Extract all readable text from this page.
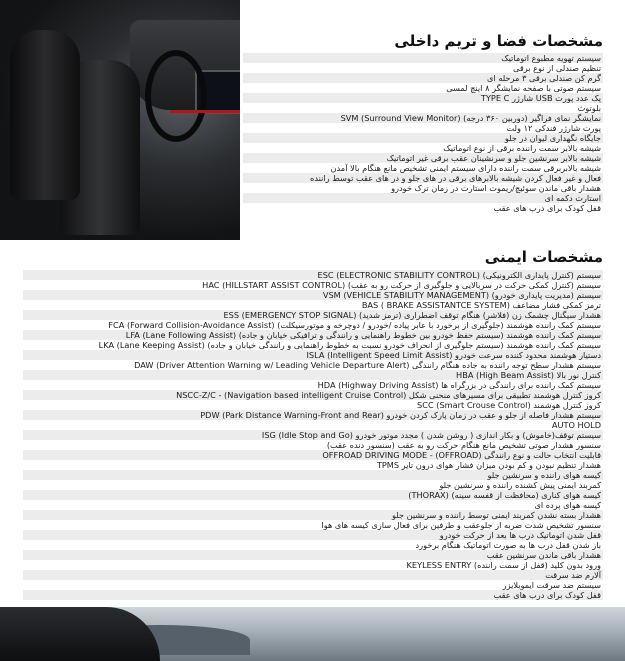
مشخصات فضا و تریم داخلی
سیستم تهویه مطبوع اتوماتیک
تنظیم صندلی از نوع برقی
گرم کن صندلی برقی ۳ مرحله ای
سیستم صوتی با صفحه نمایشگر ۸ اینچ لمسی
پک عدد پورت USB شارژر TYPE C
بلوتوث
نمایشگر نمای فراگیر (دوربین ۳۶۰ درجه) SVM (Surround View Monitor)
پورت شارژر فندکی ۱۲ ولت
جایگاه نگهداری لیوان در جلو
شیشه بالابر سمت راننده برقی از نوع اتوماتیک
شیشه بالابر سرنشین جلو و سرنشینان عقب برقی غیر اتوماتیک
شیشه بالابربرقی سمت راننده دارای سیستم ایمنی تشخیص مانع هنگام بالا آمدن
فعال و غیر فعال کردن شیشه بالابرهای برقی در های جلو و در های عقب توسط راننده
هشدار باقی ماندن سوئیچ/ریموت استارت در زمان ترک خودرو
استارت دکمه ای
قفل کودک برای درب های عقب
مشخصات ایمنی
سیستم (کنترل پایداری الکترونیکی) ESC (ELECTRONIC STABILITY CONTROL)
سیستم (کنترل کمکی حرکت در سربالایی و جلوگیری از حرکت رو به عقب) HAC (HILLSTART ASSIST CONTROL)
سیستم (مدیریت پایداری خودرو) VSM (VEHICLE STABILITY MANAGEMENT)
ترمز کمکی فشار مضاعف BAS ( BRAKE ASSISTANTCE SYSTEM)
هشدار سیگنال چشمک زن (فلاشر) هنگام توقف اضطراری (ترمز شدید) ESS (EMERGENCY STOP SIGNAL)
سیستم کمک راننده هوشمند (جلوگیری از برخورد با عابر پیاده /خودرو / دوچرخه و موتورسیکلت) FCA (Forward Collision-Avoidance Assist)
سیستم کمک راننده هوشمند (سیستم حفظ خودرو بین خطوط راهنمایی و رانندگی و ترافیکی خیابان و جاده) LFA (Lane Following Assist)
سیستم کمک راننده هوشمند (سیستم جلوگیری از انحراف خودرو نسبت به خطوط راهنمایی و رانندگی خیابان و جاده) LKA (Lane Keeping Assist)
دستیار هوشمند محدود کننده سرعت خودرو ISLA (Intelligent Speed Limit Assist)
سیستم هشدار سطح توجه راننده به جاده هنگام رانندگی DAW (Driver Attention Warning w/ Leading Vehicle Departure Alert)
کنترل نور بالا HBA (High Beam Assist)
سیستم کمک راننده برای رانندگی در بزرگراه ها HDA (Highway Driving Assist)
کروز کنترل هوشمند تطبیقی برای مسیرهای منحنی شکل NSCC-Z/C - (Navigation based intelligent Cruise Control)
کروز کنترل هوشمند SCC (Smart Crouse Control)
سیستم هشدار فاصله از جلو و عقب در زمان پارک کردن خودرو PDW (Park Distance Warning-Front and Rear)
AUTO HOLD
سیستم توقف(خاموش) و بکار اندازی ( روشن شدن ) مجدد موتور خودرو ISG (Idle Stop and Go)
سنسور هشدار صوتی تشخیص مانع هنگام حرکت رو به عقب (سنسور دنده عقب)
قابلیت انتخاب حالت و نوع رانندگی OFFROAD DRIVING MODE - (OFFROAD)
هشدار تنظیم نبودن و کم بودن میزان فشار هوای درون تایر TPMS
کیسه هوای راننده و سرنشین جلو
کمربند ایمنی پیش کشنده راننده و سرنشین جلو
کیسه هوای کناری (محافظت از قفسه سینه) (THORAX)
کیسه هوای پرده ای
هشدار بسته نشدن کمربند ایمنی توسط راننده و سرنشین جلو
سنسور تشخیص شدت ضربه از جلوعقب و طرفین برای فعال سازی کیسه های هوا
قفل شدن اتوماتیک درب ها بعد از حرکت خودرو
باز شدن قفل درب ها به صورت اتوماتیک هنگام برخورد
هشدار باقی ماندن سرنشین عقب
ورود بدون کلید (قفل از سمت راننده) KEYLESS ENTRY
آلارم ضد سرقت
سیستم ضد سرقت ایموبلایزر
قفل کودک برای درب های عقب
